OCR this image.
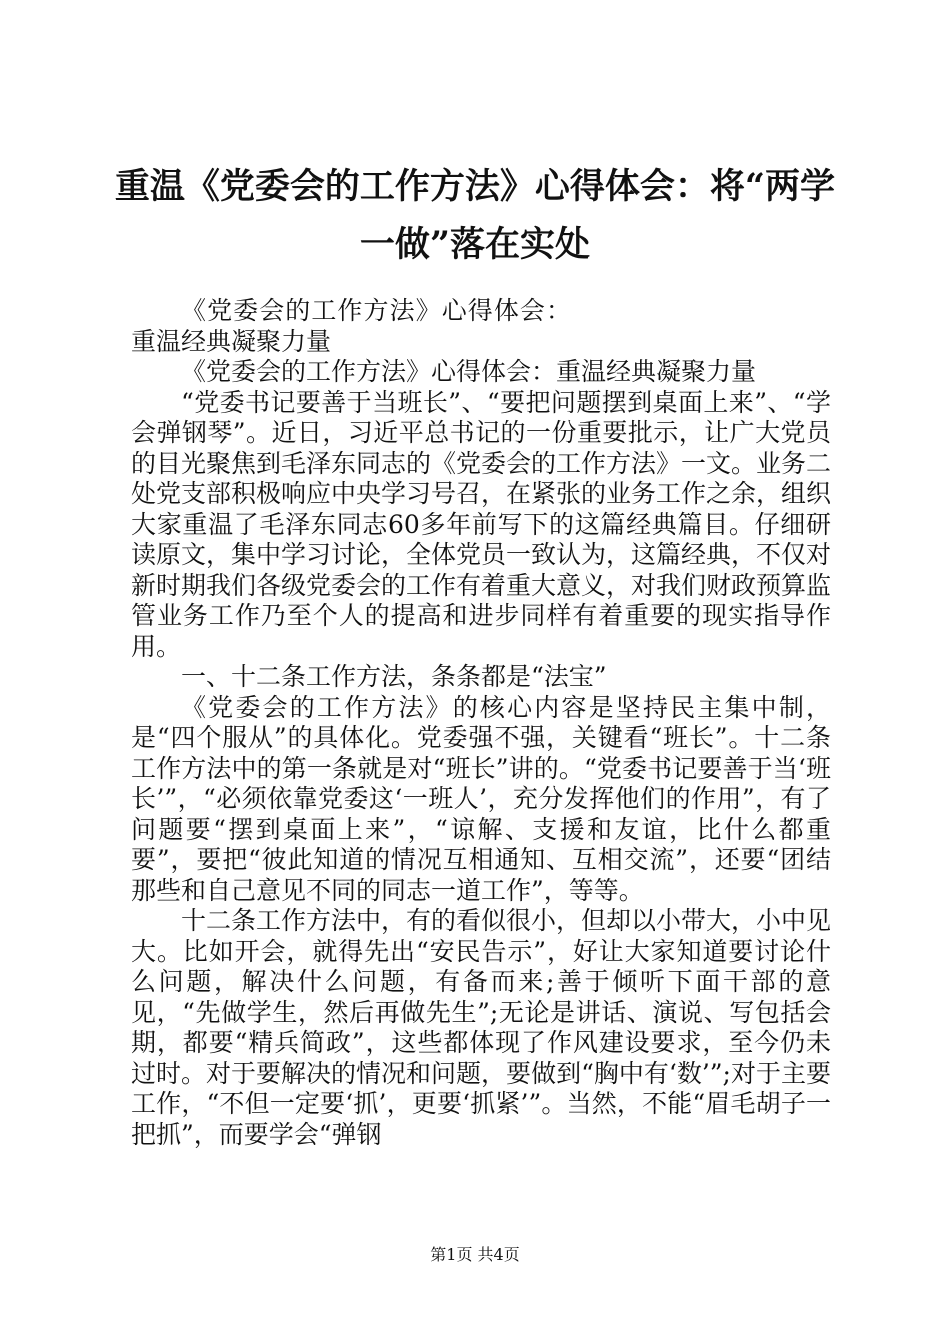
重温《党委会的工作方法》心得体会：将“两学一做”落在实处

《党委会的工作方法》心得体会：重温经典凝聚力量

《党委会的工作方法》心得体会：重温经典凝聚力量

“党委书记要善于当班长”、“要把问题摆到桌面上来”、“学会弹钢琴”。近日，习近平总书记的一份重要批示，让广大党员的目光聚焦到毛泽东同志的《党委会的工作方法》一文。业务二处党支部积极响应中央学习号召，在紧张的业务工作之余，组织大家重温了毛泽东同志60多年前写下的这篇经典篇目。仔细研读原文，集中学习讨论，全体党员一致认为，这篇经典，不仅对新时期我们各级党委会的工作有着重大意义，对我们财政预算监管业务工作乃至个人的提高和进步同样有着重要的现实指导作用。

一、十二条工作方法，条条都是“法宝”

《党委会的工作方法》的核心内容是坚持民主集中制，是“四个服从”的具体化。党委强不强，关键看“班长”。十二条工作方法中的第一条就是对“班长”讲的。“党委书记要善于当‘班长’”，“必须依靠党委这‘一班人’，充分发挥他们的作用”，有了问题要“摆到桌面上来”，“谅解、支援和友谊，比什么都重要”，要把“彼此知道的情况互相通知、互相交流”，还要“团结那些和自己意见不同的同志一道工作”，等等。

十二条工作方法中，有的看似很小，但却以小带大，小中见大。比如开会，就得先出“安民告示”，好让大家知道要讨论什么问题，解决什么问题，有备而来;善于倾听下面干部的意见，“先做学生，然后再做先生”;无论是讲话、演说、写包括会期，都要“精兵简政”，这些都体现了作风建设要求，至今仍未过时。对于要解决的情况和问题，要做到“胸中有‘数’”;对于主要工作，“不但一定要‘抓’，更要‘抓紧’”。当然，不能“眉毛胡子一把抓”，而要学会“弹钢

第1页 共4页
